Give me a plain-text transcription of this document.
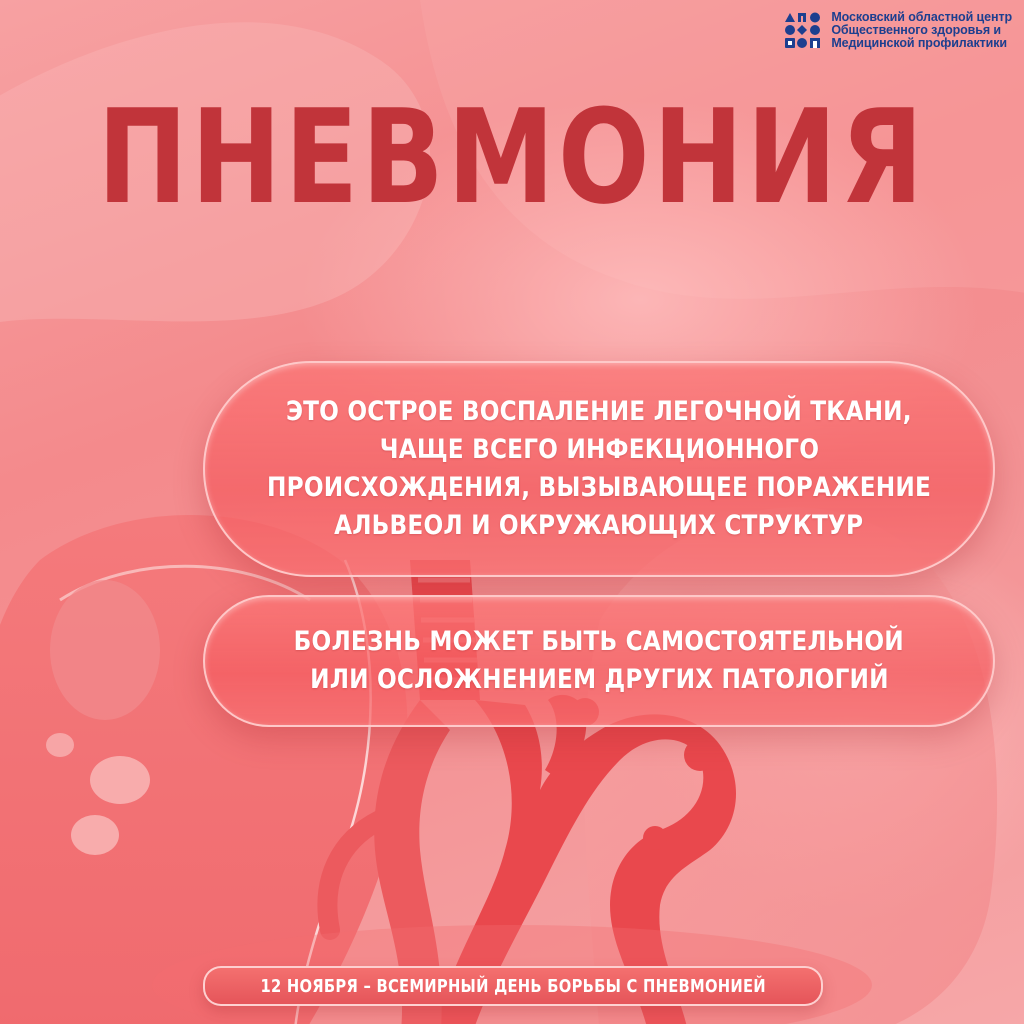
Московский областной центр
Общественного здоровья и
Медицинской профилактики
ПНЕВМОНИЯ
ЭТО ОСТРОЕ ВОСПАЛЕНИЕ ЛЕГОЧНОЙ ТКАНИ,
ЧАЩЕ ВСЕГО ИНФЕКЦИОННОГО
ПРОИСХОЖДЕНИЯ, ВЫЗЫВАЮЩЕЕ ПОРАЖЕНИЕ
АЛЬВЕОЛ И ОКРУЖАЮЩИХ СТРУКТУР
БОЛЕЗНЬ МОЖЕТ БЫТЬ САМОСТОЯТЕЛЬНОЙ
ИЛИ ОСЛОЖНЕНИЕМ ДРУГИХ ПАТОЛОГИЙ
12 НОЯБРЯ – ВСЕМИРНЫЙ ДЕНЬ БОРЬБЫ С ПНЕВМОНИЕЙ
